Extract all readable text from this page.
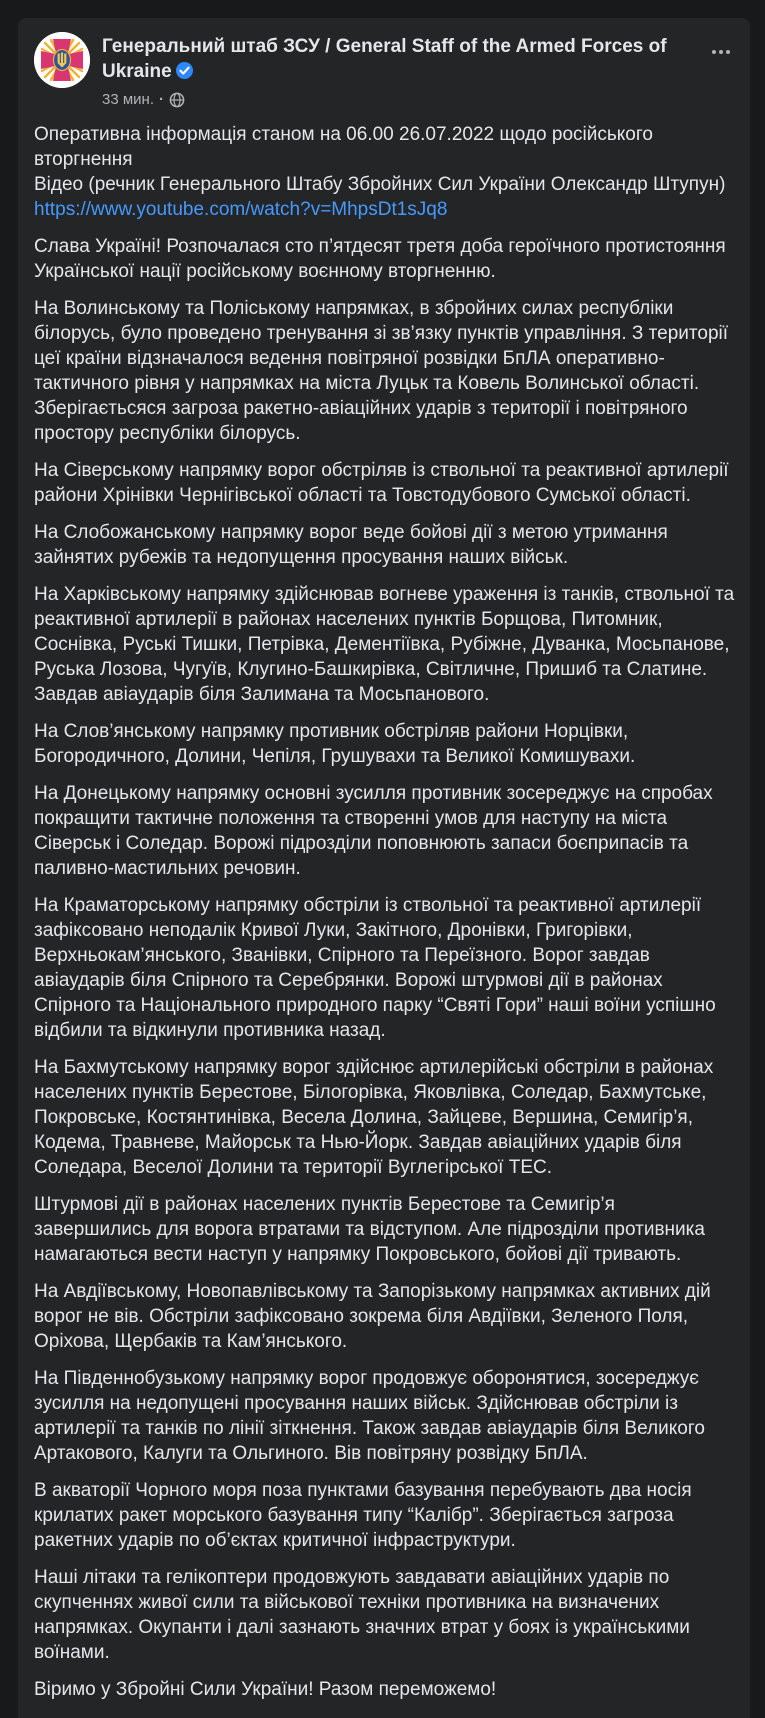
Генеральний штаб ЗСУ / General Staff of the Armed Forces of Ukraine
33 мин. ·
Оперативна інформація станом на 06.00 26.07.2022 щодо російського вторгнення
Відео (речник Генерального Штабу Збройних Сил України Олександр Штупун)
https://www.youtube.com/watch?v=MhpsDt1sJq8

Слава Україні! Розпочалася сто п’ятдесят третя доба героїчного протистояння Української нації російському воєнному вторгненню.

На Волинському та Поліському напрямках, в збройних силах республіки білорусь, було проведено тренування зі зв’язку пунктів управління. З території цеї країни відзначалося ведення повітряної розвідки БпЛА оперативно-тактичного рівня у напрямках на міста Луцьк та Ковель Волинської області. Зберігаєтьсяся загроза ракетно-авіаційних ударів з території і повітряного простору республіки білорусь.

На Сіверському напрямку ворог обстріляв із ствольної та реактивної артилерії райони Хрінівки Чернігівської області та Товстодубового Сумської області.

На Слобожанському напрямку ворог веде бойові дії з метою утримання зайнятих рубежів та недопущення просування наших військ.

На Харківському напрямку здійснював вогневе ураження із танків, ствольної та реактивної артилерії в районах населених пунктів Борщова, Питомник, Соснівка, Руські Тишки, Петрівка, Дементіївка, Рубіжне, Дуванка, Мосьпанове, Руська Лозова, Чугуїв, Клугино-Башкирівка, Світличне, Пришиб та Слатине. Завдав авіаударів біля Залимана та Мосьпанового.

На Слов’янському напрямку противник обстріляв райони Норцівки, Богородичного, Долини, Чепіля, Грушувахи та Великої Комишувахи.

На Донецькому напрямку основні зусилля противник зосереджує на спробах покращити тактичне положення та створенні умов для наступу на міста Сіверськ і Соледар. Ворожі підрозділи поповнюють запаси боєприпасів та паливно-мастильних речовин.

На Краматорському напрямку обстріли із ствольної та реактивної артилерії зафіксовано неподалік Кривої Луки, Закітного, Дронівки, Григорівки, Верхньокам’янського, Званівки, Спірного та Переїзного. Ворог завдав авіаударів біля Спірного та Серебрянки. Ворожі штурмові дії в районах Спірного та Національного природного парку “Святі Гори” наші воїни успішно відбили та відкинули противника назад.

На Бахмутському напрямку ворог здійснює артилерійські обстріли в районах населених пунктів Берестове, Білогорівка, Яковлівка, Соледар, Бахмутське, Покровське, Костянтинівка, Весела Долина, Зайцеве, Вершина, Семигір’я, Кодема, Травневе, Майорськ та Нью-Йорк. Завдав авіаційних ударів біля Соледара, Веселої Долини та території Вуглегірської ТЕС.

Штурмові дії в районах населених пунктів Берестове та Семигір’я завершились для ворога втратами та відступом. Але підрозділи противника намагаються вести наступ у напрямку Покровського, бойові дії тривають.

На Авдіївському, Новопавлівському та Запорізькому напрямках активних дій ворог не вів. Обстріли зафіксовано зокрема біля Авдіївки, Зеленого Поля, Оріхова, Щербаків та Кам’янського.

На Південнобузькому напрямку ворог продовжує оборонятися, зосереджує зусилля на недопущені просування наших військ. Здійснював обстріли із артилерії та танків по лінії зіткнення. Також завдав авіаударів біля Великого Артакового, Калуги та Ольгиного. Вів повітряну розвідку БпЛА.

В акваторії Чорного моря поза пунктами базування перебувають два носія крилатих ракет морського базування типу “Калібр”. Зберігається загроза ракетних ударів по об’єктах критичної інфраструктури.

Наші літаки та гелікоптери продовжують завдавати авіаційних ударів по скупченнях живої сили та військової техніки противника на визначених напрямках. Окупанти і далі зазнають значних втрат у боях із українськими воїнами.

Віримо у Збройні Сили України! Разом переможемо!
